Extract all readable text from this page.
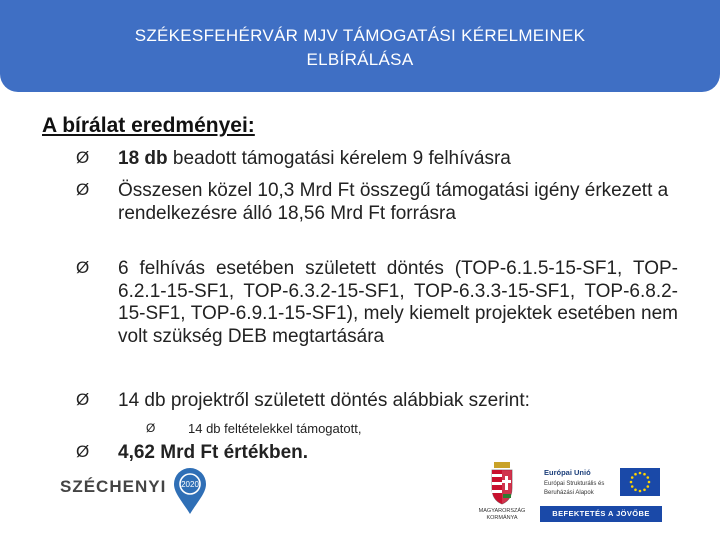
SZÉKESFEHÉRVÁR MJV TÁMOGATÁSI KÉRELMEINEK
ELBÍRÁLÁSA
A bírálat eredményei:
Ø 18 db beadott támogatási kérelem 9 felhívásra
Ø Összesen közel 10,3 Mrd Ft összegű támogatási igény érkezett a rendelkezésre álló 18,56 Mrd Ft forrásra
Ø 6 felhívás esetében született döntés (TOP-6.1.5-15-SF1, TOP-6.2.1-15-SF1, TOP-6.3.2-15-SF1, TOP-6.3.3-15-SF1, TOP-6.8.2-15-SF1, TOP-6.9.1-15-SF1), mely kiemelt projektek esetében nem volt szükség DEB megtartására
Ø 14 db projektről született döntés alábbiak szerint:
Ø	14 db feltételekkel támogatott,
Ø 4,62 Mrd Ft értékben.
SZÉCHENYI 2020
MAGYARORSZÁG
KORMÁNYA
Európai Unió
Európai Strukturális és Beruházási Alapok
BEFEKTETÉS A JÖVŐBE
